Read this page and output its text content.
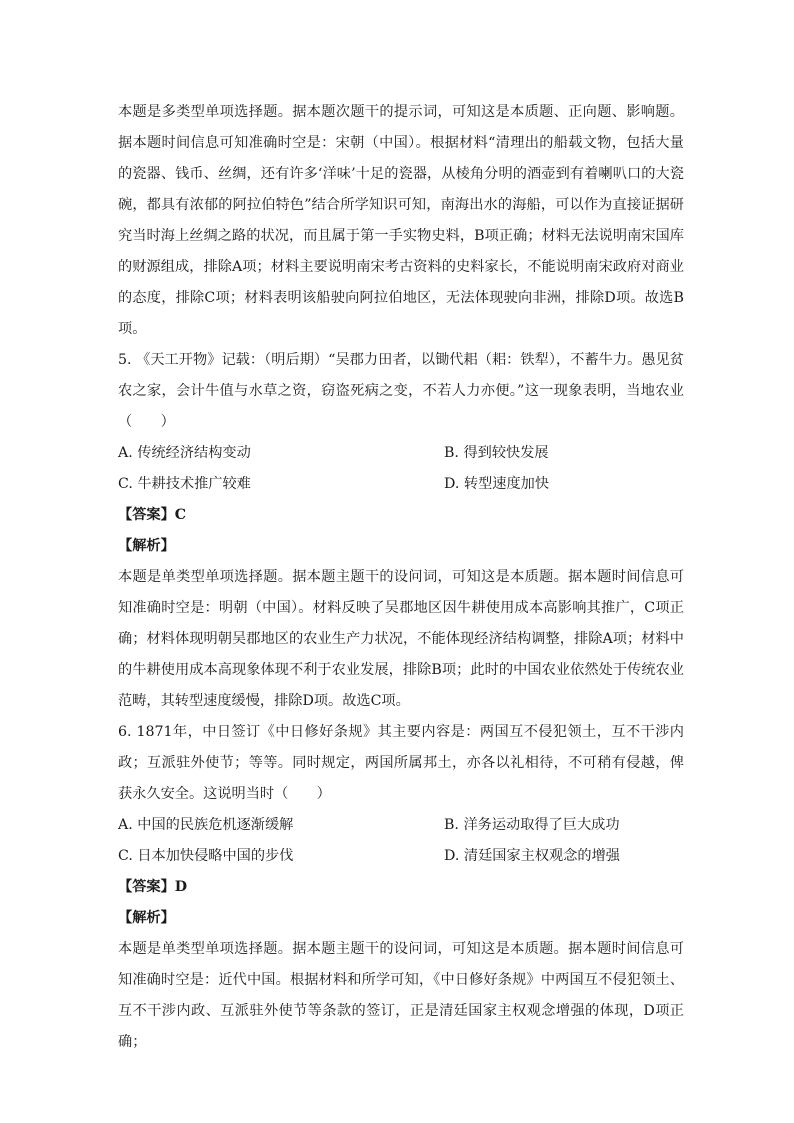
本题是多类型单项选择题。据本题次题干的提示词，可知这是本质题、正向题、影响题。据本题时间信息可知准确时空是：宋朝（中国）。根据材料“清理出的船载文物，包括大量的瓷器、钱币、丝绸，还有许多‘洋味’十足的瓷器，从棱角分明的酒壶到有着喇叭口的大瓷碗，都具有浓郁的阿拉伯特色”结合所学知识可知，南海出水的海船，可以作为直接证据研究当时海上丝绸之路的状况，而且属于第一手实物史料，B项正确；材料无法说明南宋国库的财源组成，排除A项；材料主要说明南宋考古资料的史料家长，不能说明南宋政府对商业的态度，排除C项；材料表明该船驶向阿拉伯地区，无法体现驶向非洲，排除D项。故选B项。

5. 《天工开物》记载：（明后期）“吴郡力田者，以锄代耜（耜：铁犁），不蓄牛力。愚见贫农之家，会计牛值与水草之资，窃盗死病之变，不若人力亦便。”这一现象表明，当地农业（　　）

A. 传统经济结构变动	B. 得到较快发展
C. 牛耕技术推广较难	D. 转型速度加快

【答案】C

【解析】

本题是单类型单项选择题。据本题主题干的设问词，可知这是本质题。据本题时间信息可知准确时空是：明朝（中国）。材料反映了吴郡地区因牛耕使用成本高影响其推广，C项正确；材料体现明朝吴郡地区的农业生产力状况，不能体现经济结构调整，排除A项；材料中的牛耕使用成本高现象体现不利于农业发展，排除B项；此时的中国农业依然处于传统农业范畴，其转型速度缓慢，排除D项。故选C项。

6. 1871年，中日签订《中日修好条规》其主要内容是：两国互不侵犯领土，互不干涉内政；互派驻外使节；等等。同时规定，两国所属邦土，亦各以礼相待，不可稍有侵越，俾获永久安全。这说明当时（　　）

A. 中国的民族危机逐渐缓解	B. 洋务运动取得了巨大成功
C. 日本加快侵略中国的步伐	D. 清廷国家主权观念的增强

【答案】D

【解析】

本题是单类型单项选择题。据本题主题干的设问词，可知这是本质题。据本题时间信息可知准确时空是：近代中国。根据材料和所学可知，《中日修好条规》中两国互不侵犯领土、互不干涉内政、互派驻外使节等条款的签订，正是清廷国家主权观念增强的体现，D项正确；
